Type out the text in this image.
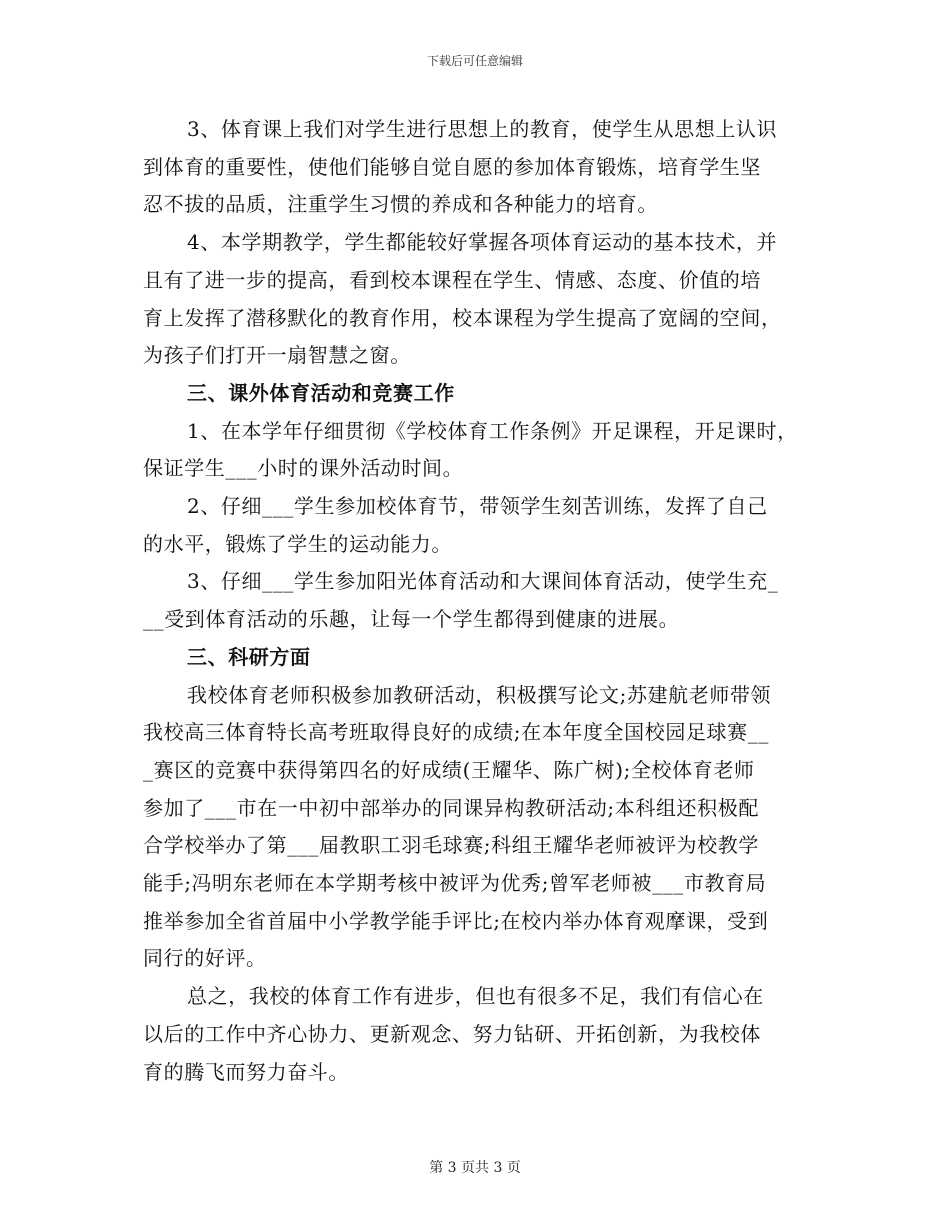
下载后可任意编辑
3、体育课上我们对学生进行思想上的教育，使学生从思想上认识
到体育的重要性，使他们能够自觉自愿的参加体育锻炼，培育学生坚
忍不拔的品质，注重学生习惯的养成和各种能力的培育。
4、本学期教学，学生都能较好掌握各项体育运动的基本技术，并
且有了进一步的提高，看到校本课程在学生、情感、态度、价值的培
育上发挥了潜移默化的教育作用，校本课程为学生提高了宽阔的空间，
为孩子们打开一扇智慧之窗。
三、课外体育活动和竞赛工作
1、在本学年仔细贯彻《学校体育工作条例》开足课程，开足课时，
保证学生___小时的课外活动时间。
2、仔细___学生参加校体育节，带领学生刻苦训练，发挥了自己
的水平，锻炼了学生的运动能力。
3、仔细___学生参加阳光体育活动和大课间体育活动，使学生充_
__受到体育活动的乐趣，让每一个学生都得到健康的进展。
三、科研方面
我校体育老师积极参加教研活动，积极撰写论文;苏建航老师带领
我校高三体育特长高考班取得良好的成绩;在本年度全国校园足球赛__
_赛区的竞赛中获得第四名的好成绩(王耀华、陈广树);全校体育老师
参加了___市在一中初中部举办的同课异构教研活动;本科组还积极配
合学校举办了第___届教职工羽毛球赛;科组王耀华老师被评为校教学
能手;冯明东老师在本学期考核中被评为优秀;曾军老师被___市教育局
推举参加全省首届中小学教学能手评比;在校内举办体育观摩课，受到
同行的好评。
总之，我校的体育工作有进步，但也有很多不足，我们有信心在
以后的工作中齐心协力、更新观念、努力钻研、开拓创新，为我校体
育的腾飞而努力奋斗。
第 3 页共 3 页
